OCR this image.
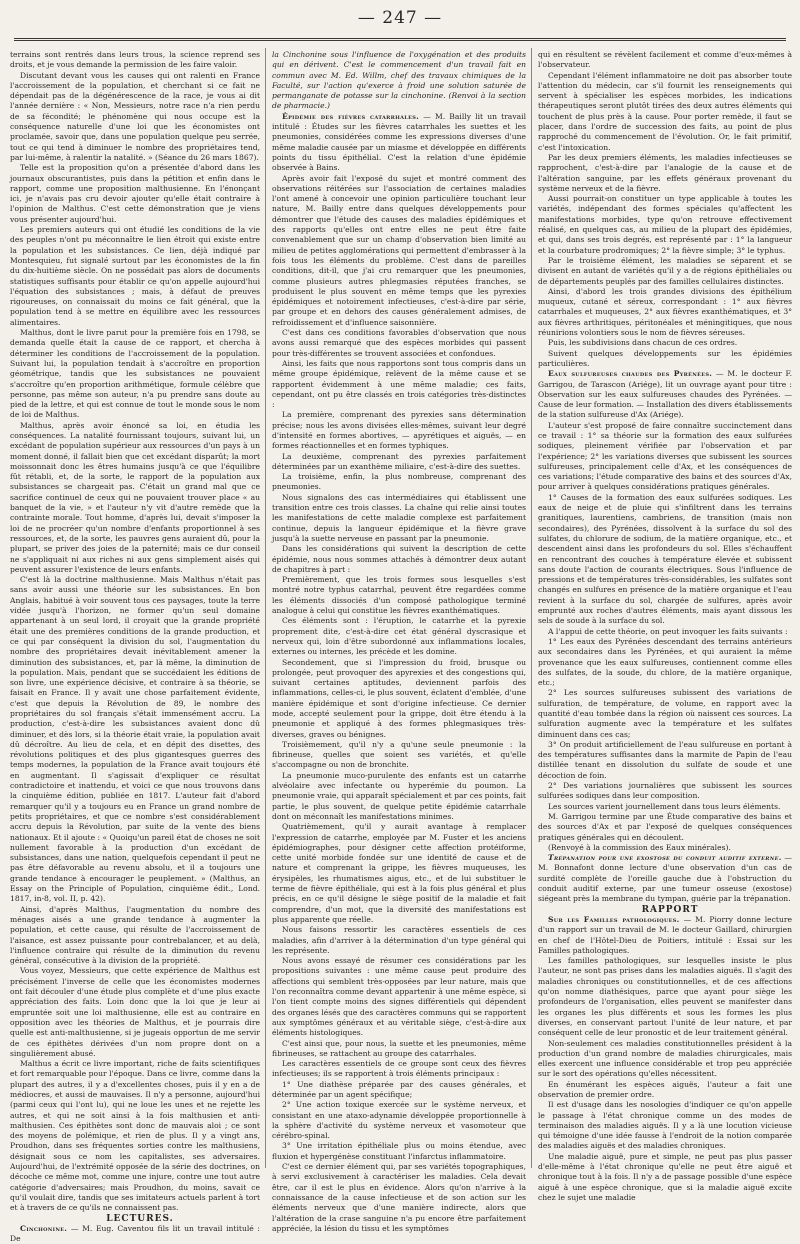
— 247 —

terrains sont rentrés dans leurs trous, la science reprend ses droits, et je vous demande la permission de les faire valoir.

Discutant devant vous les causes qui ont ralenti en France l'accroissement de la population, et cherchant si ce fait ne dépendait pas de la dégénérescence de la race, je vous ai dit l'année dernière : « Non, Messieurs, notre race n'a rien perdu de sa fécondité; le phénomène qui nous occupe est la conséquence naturelle d'une loi que les économistes ont proclamée, savoir que, dans une population quelque peu serrée, tout ce qui tend à diminuer le nombre des propriétaires tend, par lui-même, à ralentir la natalité. » (Séance du 26 mars 1867).

Telle est la proposition qu'on a présentée d'abord dans les journaux obscurantistes, puis dans la pétition et enfin dans le rapport, comme une proposition malthusienne. En l'énonçant ici, je n'avais pas cru devoir ajouter qu'elle était contraire à l'opinion de Malthus. C'est cette démonstration que je viens vous présenter aujourd'hui.

Les premiers auteurs qui ont étudié les conditions de la vie des peuples n'ont pu méconnaître le lien étroit qui existe entre la population et les subsistances. Ce lien, déjà indiqué par Montesquieu, fut signalé surtout par les économistes de la fin du dix-huitième siècle. On ne possédait pas alors de documents statistiques suffisants pour établir ce qu'on appelle aujourd'hui l'équation des subsistances ; mais, à défaut de preuves rigoureuses, on connaissait du moins ce fait général, que la population tend à se mettre en équilibre avec les ressources alimentaires.

Malthus, dont le livre parut pour la première fois en 1798, se demanda quelle était la cause de ce rapport, et chercha à déterminer les conditions de l'accroissement de la population. Suivant lui, la population tendait à s'accroître en proportion géométrique, tandis que les subsistances ne pouvaient s'accroître qu'en proportion arithmétique, formule célèbre que personne, pas même son auteur, n'a pu prendre sans doute au pied de la lettre, et qui est connue de tout le monde sous le nom de loi de Malthus.

Malthus, après avoir énoncé sa loi, en étudia les conséquences. La natalité fournissant toujours, suivant lui, un excédant de population supérieur aux ressources d'un pays à un moment donné, il fallait bien que cet excédant disparût; la mort moissonnait donc les êtres humains jusqu'à ce que l'équilibre fût rétabli, et, de la sorte, le rapport de la population aux subsistances se chargeait pas. C'était un grand mal que ce sacrifice continuel de ceux qui ne pouvaient trouver place « au banquet de la vie, » et l'auteur n'y vit d'autre remède que la contrainte morale. Tout homme, d'après lui, devait s'imposer la loi de ne procréer qu'un nombre d'enfants proportionnel à ses ressources, et, de la sorte, les pauvres gens auraient dû, pour la plupart, se priver des joies de la paternité; mais ce dur conseil ne s'appliquait ni aux riches ni aux gens simplement aisés qui peuvent assurer l'existence de leurs enfants.

C'est là la doctrine malthusienne. Mais Malthus n'était pas sans avoir aussi une théorie sur les subsistances. En bon Anglais, habitué à voir souvent tous ces paysages, toute la terre vidée jusqu'à l'horizon, ne former qu'un seul domaine appartenant à un seul lord, il croyait que la grande propriété était une des premières conditions de la grande production, et ce qui par conséquent la division du sol, l'augmentation du nombre des propriétaires devait inévitablement amener la diminution des subsistances, et, par là même, la diminution de la population. Mais, pendant que se succédaient les éditions de son livre, une expérience décisive, et contraire à sa théorie, se faisait en France. Il y avait une chose parfaitement évidente, c'est que depuis la Révolution de 89, le nombre des propriétaires du sol français s'était immensément accru. La production, c'est-à-dire les subsistances avaient donc dû diminuer, et dès lors, si la théorie était vraie, la population avait dû décroître. Au lieu de cela, et en dépit des disettes, des révolutions politiques et des plus gigantesques guerres des temps modernes, la population de la France avait toujours été en augmentant. Il s'agissait d'expliquer ce résultat contradictoire et inattendu, et voici ce que nous trouvons dans la cinquième édition, publiée en 1817. L'auteur fait d'abord remarquer qu'il y a toujours eu en France un grand nombre de petits propriétaires, et que ce nombre s'est considérablement accru depuis la Révolution, par suite de la vente des biens nationaux. Et il ajoute : « Quoiqu'un pareil état de choses ne soit nullement favorable à la production d'un excédant de subsistances, dans une nation, quelquefois cependant il peut ne pas être défavorable au revenu absolu, et il a toujours une grande tendance à encourager le peuplement. » (Malthus, an Essay on the Principle of Population, cinquième édit., Lond. 1817, in-8, vol. II, p. 42).

Ainsi, d'après Malthus, l'augmentation du nombre des ménages aisés a une grande tendance à augmenter la population, et cette cause, qui résulte de l'accroissement de l'aisance, est assez puissante pour contrebalancer, et au delà, l'influence contraire qui résulte de la diminution du revenu général, consécutive à la division de la propriété.

Vous voyez, Messieurs, que cette expérience de Malthus est précisément l'inverse de celle que les économistes modernes ont fait découler d'une étude plus complète et d'une plus exacte appréciation des faits. Loin donc que la loi que je leur ai empruntée soit une loi malthusienne, elle est au contraire en opposition avec les théories de Malthus, et je pourrais dire quelle est anti-malthusienne, si je jugeais opportun de me servir de ces épithètes dérivées d'un nom propre dont on a singulièrement abusé.

Malthus a écrit ce livre important, riche de faits scientifiques et fort remarquable pour l'époque. Dans ce livre, comme dans la plupart des autres, il y a d'excellentes choses, puis il y en a de médiocres, et aussi de mauvaises. Il n'y a personne, aujourd'hui (parmi ceux qui l'ont lu), qui ne loue les unes et ne rejette les autres, et qui ne soit ainsi à la fois malthusien et anti-malthusien. Ces épithètes sont donc de mauvais aloi ; ce sont des moyens de polémique, et rien de plus. Il y a vingt ans, Proudhon, dans ses fréquentes sorties contre les malthusiens, désignait sous ce nom les capitalistes, ses adversaires. Aujourd'hui, de l'extrémité opposée de la série des doctrines, on décoche ce même mot, comme une injure, contre une tout autre catégorie d'adversaires; mais Proudhon, du moins, savait ce qu'il voulait dire, tandis que ses imitateurs actuels parlent à tort et à travers de ce qu'ils ne connaissent pas.

LECTURES.

Cinchonine. — M. Eug. Caventou fils lit un travail intitulé : De

la Cinchonine sous l'influence de l'oxygénation et des produits qui en dérivent. C'est le commencement d'un travail fait en commun avec M. Ed. Willm, chef des travaux chimiques de la Faculté, sur l'action qu'exerce à froid une solution saturée de permanganate de potasse sur la cinchonine. (Renvoi à la section de pharmacie.)

Épidémie des fièvres catarrhales. — M. Bailly lit un travail intitulé : Études sur les fièvres catarrhales les suettes et les pneumonies, considérées comme les expressions diverses d'une même maladie causée par un miasme et développée en différents points du tissu épithélial. C'est la relation d'une épidémie observée à Bains.

Après avoir fait l'exposé du sujet et montré comment des observations réitérées sur l'association de certaines maladies l'ont amené à concevoir une opinion particulière touchant leur nature, M. Bailly entre dans quelques développements pour démontrer que l'étude des causes des maladies épidémiques et des rapports qu'elles ont entre elles ne peut être faite convenablement que sur un champ d'observation bien limité au milieu de petites agglomérations qui permettent d'embrasser à la fois tous les éléments du problème. C'est dans de pareilles conditions, dit-il, que j'ai cru remarquer que les pneumonies, comme plusieurs autres phlegmasies réputées franches, se produisent le plus souvent en même temps que les pyrexies épidémiques et notoirement infectieuses, c'est-à-dire par série, par groupe et en dehors des causes généralement admises, de refroidissement et d'influence saisonnière.

C'est dans ces conditions favorables d'observation que nous avons aussi remarqué que des espèces morbides qui passent pour très-différentes se trouvent associées et confondues.

Ainsi, les faits que nous rapportons sont tous compris dans un même groupe épidémique, relèvent de la même cause et se rapportent évidemment à une même maladie; ces faits, cependant, ont pu être classés en trois catégories très-distinctes :

La première, comprenant des pyrexies sans détermination précise; nous les avons divisées elles-mêmes, suivant leur degré d'intensité en formes abortives, — apyrétiques et aiguës, — en formes réactionnelles et en formes typhiques.

La deuxième, comprenant des pyrexies parfaitement déterminées par un exanthème miliaire, c'est-à-dire des suettes.

La troisième, enfin, la plus nombreuse, comprenant des pneumonies.

Nous signalons des cas intermédiaires qui établissent une transition entre ces trois classes. La chaîne qui relie ainsi toutes les manifestations de cette maladie complexe est parfaitement continue, depuis la langueur épidémique et la fièvre grave jusqu'à la suette nerveuse en passant par la pneumonie.

Dans les considérations qui suivent la description de cette épidémie, nous nous sommes attachés à démontrer deux autant de chapitres à part :

Premièrement, que les trois formes sous lesquelles s'est montré notre typhus catarrhal, peuvent être regardées comme les éléments dissociés d'un composé pathologique terminé analogue à celui qui constitue les fièvres exanthématiques.

Ces éléments sont : l'éruption, le catarrhe et la pyrexie proprement dite, c'est-à-dire cet état général dyscrasique et nerveux qui, loin d'être subordonné aux inflammations locales, externes ou internes, les précède et les domine.

Secondement, que si l'impression du froid, brusque ou prolongée, peut provoquer des apyrexies et des congestions qui, suivant certaines aptitudes, deviennent parfois des inflammations, celles-ci, le plus souvent, éclatent d'emblée, d'une manière épidémique et sont d'origine infectieuse. Ce dernier mode, accepté seulement pour la grippe, doit être étendu à la pneumonie et appliqué à des formes phlegmasiques très-diverses, graves ou bénignes.

Troisièmement, qu'il n'y a qu'une seule pneumonie : la fibrineuse, quelles que soient ses variétés, et qu'elle s'accompagne ou non de bronchite.

La pneumonie muco-purulente des enfants est un catarrhe alvéolaire avec infectante ou hyperémie du poumon. La pneumonie vraie, qui apparaît spécialement et par ces points, fait partie, le plus souvent, de quelque petite épidémie catarrhale dont on méconnaît les manifestations minimes.

Quatrièmement, qu'il y aurait avantage à remplacer l'expression de catarrhe, employée par M. Fuster et les anciens épidémiographes, pour désigner cette affection protéiforme, cette unité morbide fondée sur une identité de cause et de nature et comprenant la grippe, les fièvres muqueuses, les érysipèles, les rhumatismes aigus, etc., et de lui substituer le terme de fièvre épithéliale, qui est à la fois plus général et plus précis, en ce qu'il désigne le siège positif de la maladie et fait comprendre, d'un mot, que la diversité des manifestations est plus apparente que réelle.

Nous faisons ressortir les caractères essentiels de ces maladies, afin d'arriver à la détermination d'un type général qui les représente.

Nous avons essayé de résumer ces considérations par les propositions suivantes : une même cause peut produire des affections qui semblent très-opposées par leur nature, mais que l'on reconnaîtra comme devant appartenir à une même espèce, si l'on tient compte moins des signes différentiels qui dépendent des organes lésés que des caractères communs qui se rapportent aux symptômes généraux et au véritable siège, c'est-à-dire aux éléments histologiques.

C'est ainsi que, pour nous, la suette et les pneumonies, même fibrineuses, se rattachent au groupe des catarrhales.

Les caractères essentiels de ce groupe sont ceux des fièvres infectieuses; ils se rapportent à trois éléments principaux :

1° Une diathèse préparée par des causes générales, et déterminée par un agent spécifique;

2° Une action toxique exercée sur le système nerveux, et consistant en une ataxo-adynamie développée proportionnelle à la sphère d'activité du système nerveux et vasomoteur que cérébro-spinal.

3° Une irritation épithéliale plus ou moins étendue, avec fluxion et hypergénèse constituant l'infarctus inflammatoire.

C'est ce dernier élément qui, par ses variétés topographiques, à servi exclusivement à caractériser les maladies. Cela devait être, car il est le plus en évidence. Alors qu'on n'arrive à la connaissance de la cause infectieuse et de son action sur les éléments nerveux que d'une manière indirecte, alors que l'altération de la crase sanguine n'a pu encore être parfaitement appréciée, la lésion du tissu et les symptômes

qui en résultent se révèlent facilement et comme d'eux-mêmes à l'observateur.

Cependant l'élément inflammatoire ne doit pas absorber toute l'attention du médecin, car s'il fournit les renseignements qui servent à spécialiser les espèces morbides, les indications thérapeutiques seront plutôt tirées des deux autres éléments qui touchent de plus près à la cause. Pour porter remède, il faut se placer, dans l'ordre de succession des faits, au point de plus rapproché du commencement de l'évolution. Or, le fait primitif, c'est l'intoxication.

Par les deux premiers éléments, les maladies infectieuses se rapprochent, c'est-à-dire par l'analogie de la cause et de l'altération sanguine, par les effets généraux provenant du système nerveux et de la fièvre.

Aussi pourrait-on constituer un type applicable à toutes les variétés, indépendant des formes spéciales qu'affectent les manifestations morbides, type qu'on retrouve effectivement réalisé, en quelques cas, au milieu de la plupart des épidémies, et qui, dans ses trois degrés, est représenté par : 1° la langueur et la courbature prodromiques; 2° la fièvre simple; 3° le typhus.

Par le troisième élément, les maladies se séparent et se divisent en autant de variétés qu'il y a de régions épithéliales ou de départements peuplés par des familles cellulaires distinctes.

Ainsi, d'abord les trois grandes divisions des épithélium muqueux, cutané et séreux, correspondant : 1° aux fièvres catarrhales et muqueuses, 2° aux fièvres exanthématiques, et 3° aux fièvres arthritiques, péritonéales et méningitiques, que nous réunirions volontiers sous le nom de fièvres séreuses.

Puis, les subdivisions dans chacun de ces ordres.

Suivent quelques développements sur les épidémies particulières.

Eaux sulfureuses chaudes des Pyrénées. — M. le docteur F. Garrigou, de Tarascon (Ariége), lit un ouvrage ayant pour titre : Observation sur les eaux sulfureuses chaudes des Pyrénées. — Cause de leur formation. — Installation des divers établissements de la station sulfureuse d'Ax (Ariége).

L'auteur s'est proposé de faire connaître succinctement dans ce travail : 1° sa théorie sur la formation des eaux sulfurées sodiques, pleinement vérifiée par l'observation et par l'expérience; 2° les variations diverses que subissent les sources sulfureuses, principalement celle d'Ax, et les conséquences de ces variations; l'étude comparative des bains et des sources d'Ax, pour arriver à quelques considérations pratiques générales.

1° Causes de la formation des eaux sulfurées sodiques. Les eaux de neige et de pluie qui s'infiltrent dans les terrains granitiques, laurentiens, cambriens, de transition (mais non secondaires), des Pyrénées, dissolvent à la surface du sol des sulfates, du chlorure de sodium, de la matière organique, etc., et descendent ainsi dans les profondeurs du sol. Elles s'échauffent en rencontrant des couches à température élevée et subissent sans doute l'action de courants électriques. Sous l'influence de pressions et de températures très-considérables, les sulfates sont changés en sulfures en présence de la matière organique et l'eau revient à la surface du sol, chargée de sulfures, après avoir emprunté aux roches d'autres éléments, mais ayant dissous les sels de soude à la surface du sol.

A l'appui de cette théorie, on peut invoquer les faits suivants :

1° Les eaux des Pyrénées descendant des terrains antérieurs aux secondaires dans les Pyrénées, et qui auraient la même provenance que les eaux sulfureuses, contiennent comme elles des sulfates, de la soude, du chlore, de la matière organique, etc.;

2° Les sources sulfureuses subissent des variations de sulfuration, de température, de volume, en rapport avec la quantité d'eau tombée dans la région où naissent ces sources. La sulfuration augmente avec la température et les sulfates diminuent dans ces cas;

3° On produit artificiellement de l'eau sulfureuse en portant à des températures suffisantes dans la marmite de Papin de l'eau distillée tenant en dissolution du sulfate de soude et une décoction de foin.

2° Des variations journalières que subissent les sources sulfurées sodiques dans leur composition.

Les sources varient journellement dans tous leurs éléments.

M. Garrigou termine par une Étude comparative des bains et des sources d'Ax et par l'exposé de quelques conséquences pratiques générales qui en découlent.

(Renvoyé à la commission des Eaux minérales).

Trépanation pour une exostose du conduit auditif externe. — M. Bonnafont donne lecture d'une observation d'un cas de surdité complète de l'oreille gauche due à l'obstruction du conduit auditif externe, par une tumeur osseuse (exostose) siégeant près la membrane du tympan, guérie par la trépanation.

RAPPORT

Sur les Familles pathologiques. — M. Piorry donne lecture d'un rapport sur un travail de M. le docteur Gaillard, chirurgien en chef de l'Hôtel-Dieu de Poitiers, intitulé : Essai sur les Familles pathologiques.

Les familles pathologiques, sur lesquelles insiste le plus l'auteur, ne sont pas prises dans les maladies aiguës. Il s'agit des maladies chroniques ou constitutionnelles, et de ces affections qu'on nomme diathésiques, parce que ayant pour siège les profondeurs de l'organisation, elles peuvent se manifester dans les organes les plus différents et sous les formes les plus diverses, en conservant partout l'unité de leur nature, et par conséquent celle de leur pronostic et de leur traitement général.

Non-seulement ces maladies constitutionnelles président à la production d'un grand nombre de maladies chirurgicales, mais elles exercent une influence considérable et trop peu appréciée sur le sort des opérations qu'elles nécessitent.

En énumérant les espèces aiguës, l'auteur a fait une observation de premier ordre.

Il est d'usage dans les nosologies d'indiquer ce qu'on appelle le passage à l'état chronique comme un des modes de terminaison des maladies aiguës. Il y a là une locution vicieuse qui témoigne d'une idée fausse à l'endroit de la notion comparée des maladies aiguës et des maladies chroniques.

Une maladie aiguë, pure et simple, ne peut pas plus passer d'elle-même à l'état chronique qu'elle ne peut être aiguë et chronique tout à la fois. Il n'y a de passage possible d'une espèce aiguë à une espèce chronique, que si la maladie aiguë excite chez le sujet une maladie
